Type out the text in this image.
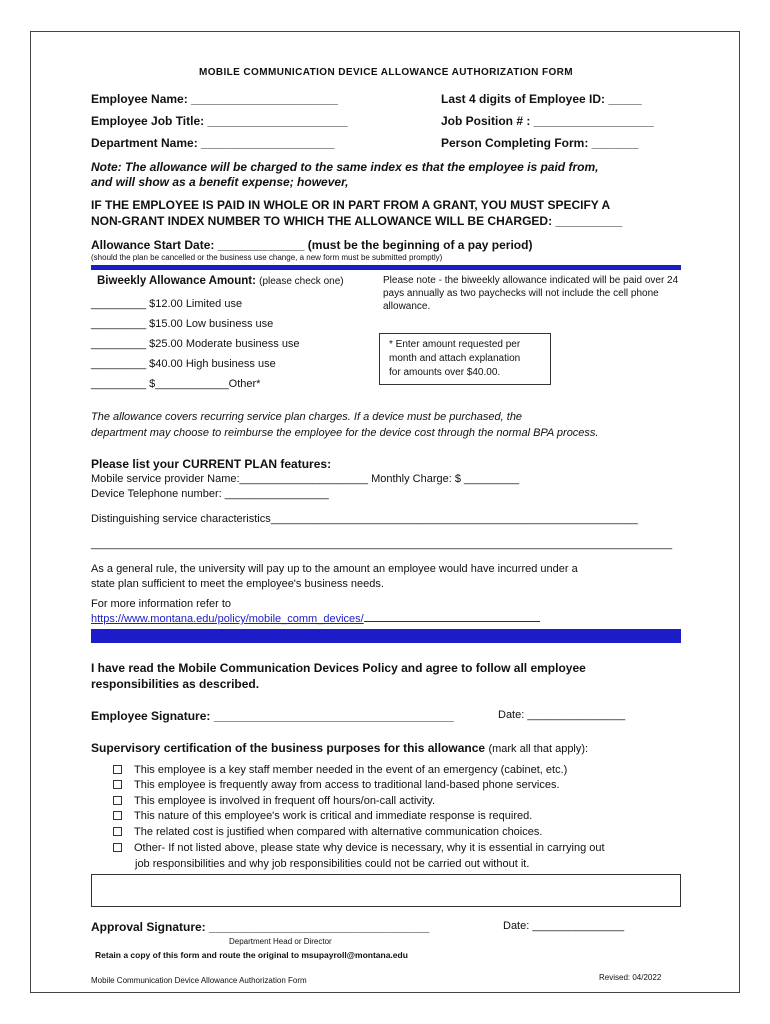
MOBILE COMMUNICATION DEVICE ALLOWANCE AUTHORIZATION FORM
Employee Name: ______________________	Last 4 digits of Employee ID: _____
Employee Job Title: _____________________	Job Position # : __________________
Department Name: ____________________	Person Completing Form: _______
Note: The allowance will be charged to the same index es that the employee is paid from,
and will show as a benefit expense; however,
IF THE EMPLOYEE IS PAID IN WHOLE OR IN PART FROM A GRANT, YOU MUST SPECIFY A
NON-GRANT INDEX NUMBER TO WHICH THE ALLOWANCE WILL BE CHARGED: __________
Allowance Start Date: _____________ (must be the beginning of a pay period)
(should the plan be cancelled or the business use change, a new form must be submitted promptly)
Biweekly Allowance Amount: (please check one)	Please note - the biweekly allowance indicated will be paid over 24
pays annually as two paychecks will not include the cell phone
allowance.
_________ $12.00 Limited use
_________ $15.00 Low business use
_________ $25.00 Moderate business use
_________ $40.00 High business use
_________ $____________Other*
* Enter amount requested per
month and attach explanation
for amounts over $40.00.
The allowance covers recurring service plan charges. If a device must be purchased, the
department may choose to reimburse the employee for the device cost through the normal BPA process.
Please list your CURRENT PLAN features:
Mobile service provider Name:_____________________ Monthly Charge: $ _________
Device Telephone number: _________________
Distinguishing service characteristics____________________________________________________________
_______________________________________________________________________________________________
As a general rule, the university will pay up to the amount an employee would have incurred under a
state plan sufficient to meet the employee's business needs.
For more information refer to
https://www.montana.edu/policy/mobile_comm_devices/
I have read the Mobile Communication Devices Policy and agree to follow all employee
responsibilities as described.
Employee Signature: ____________________________________	Date: ________________
Supervisory certification of the business purposes for this allowance (mark all that apply):
This employee is a key staff member needed in the event of an emergency (cabinet, etc.)
This employee is frequently away from access to traditional land-based phone services.
This employee is involved in frequent off hours/on-call activity.
This nature of this employee's work is critical and immediate response is required.
The related cost is justified when compared with alternative communication choices.
Other- If not listed above, please state why device is necessary, why it is essential in carrying out
job responsibilities and why job responsibilities could not be carried out without it.
Approval Signature: _________________________________	Date: _______________
Department Head or Director
Retain a copy of this form and route the original to msupayroll@montana.edu
Mobile Communication Device Allowance Authorization Form	Revised: 04/2022
